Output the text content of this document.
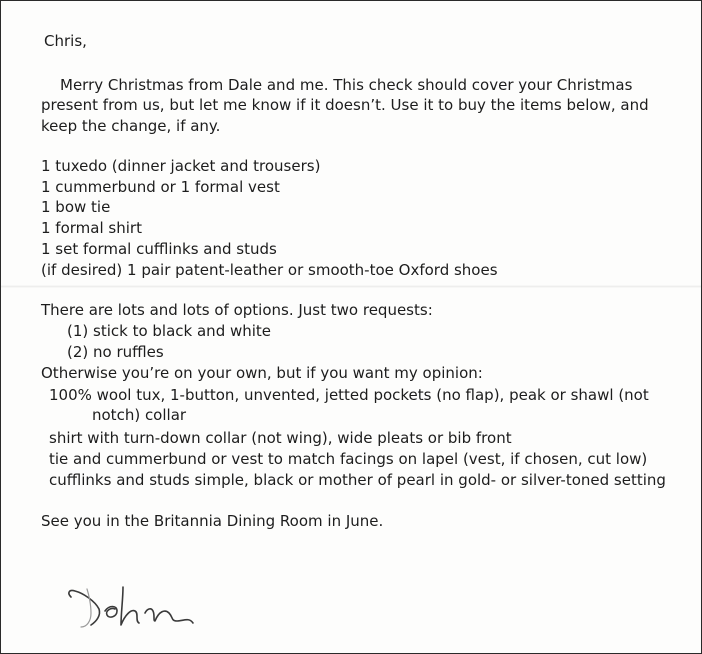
Chris,
Merry Christmas from Dale and me. This check should cover your Christmas
present from us, but let me know if it doesn’t. Use it to buy the items below, and
keep the change, if any.
1 tuxedo (dinner jacket and trousers)
1 cummerbund or 1 formal vest
1 bow tie
1 formal shirt
1 set formal cufflinks and studs
(if desired) 1 pair patent-leather or smooth-toe Oxford shoes
There are lots and lots of options. Just two requests:
(1) stick to black and white
(2) no ruffles
Otherwise you’re on your own, but if you want my opinion:
100% wool tux, 1-button, unvented, jetted pockets (no flap), peak or shawl (not
notch) collar
shirt with turn-down collar (not wing), wide pleats or bib front
tie and cummerbund or vest to match facings on lapel (vest, if chosen, cut low)
cufflinks and studs simple, black or mother of pearl in gold- or silver-toned setting
See you in the Britannia Dining Room in June.
